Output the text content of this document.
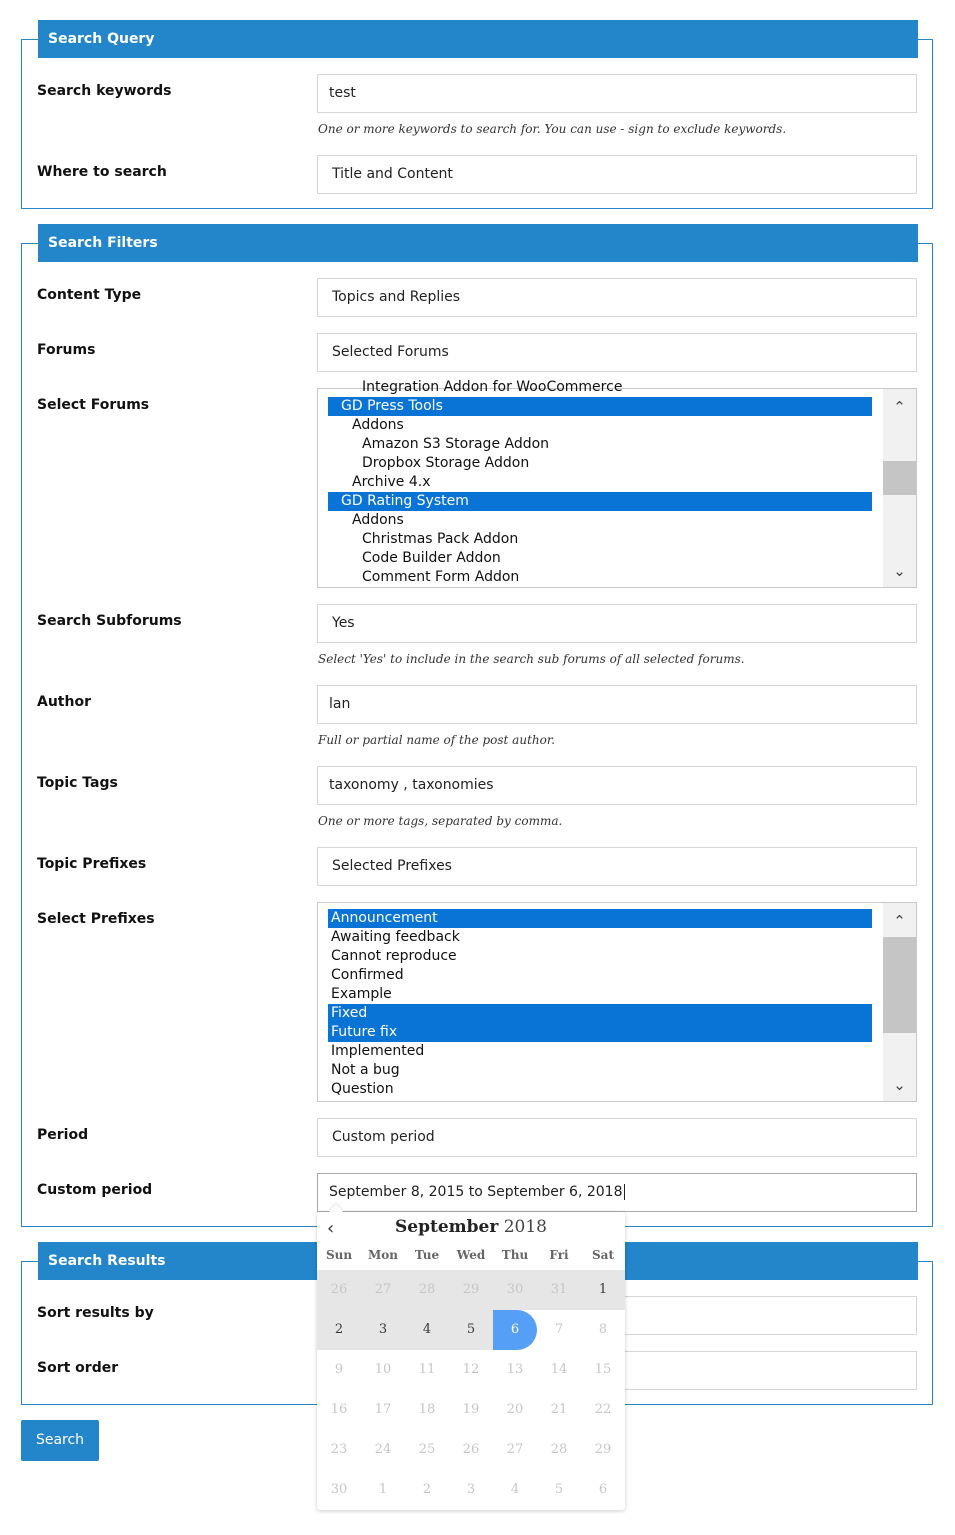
Search Query
Search keywords	test
One or more keywords to search for. You can use - sign to exclude keywords.
Where to search	Title and Content
Search Filters
Content Type	Topics and Replies
Forums	Selected Forums
Select Forums
Integration Addon for WooCommerce
GD Press Tools
Addons
Amazon S3 Storage Addon
Dropbox Storage Addon
Archive 4.x
GD Rating System
Addons
Christmas Pack Addon
Code Builder Addon
Comment Form Addon
⌃
⌄
Search Subforums	Yes
Select 'Yes' to include in the search sub forums of all selected forums.
Author	lan
Full or partial name of the post author.
Topic Tags	taxonomy , taxonomies
One or more tags, separated by comma.
Topic Prefixes	Selected Prefixes
Select Prefixes	Announcement
Awaiting feedback
Cannot reproduce
Confirmed
Example
Fixed
Future fix
Implemented
Not a bug
Question
⌃
⌄
Period	Custom period
Custom period	September 8, 2015 to September 6, 2018
Search Results
Sort results by
Sort order
Search
‹	September 2018
Sun	Mon	Tue	Wed	Thu	Fri	Sat
26	27	28	29	30	31	1
2	3	4	5	6	7	8
9	10	11	12	13	14	15
16	17	18	19	20	21	22
23	24	25	26	27	28	29
30	1	2	3	4	5	6
